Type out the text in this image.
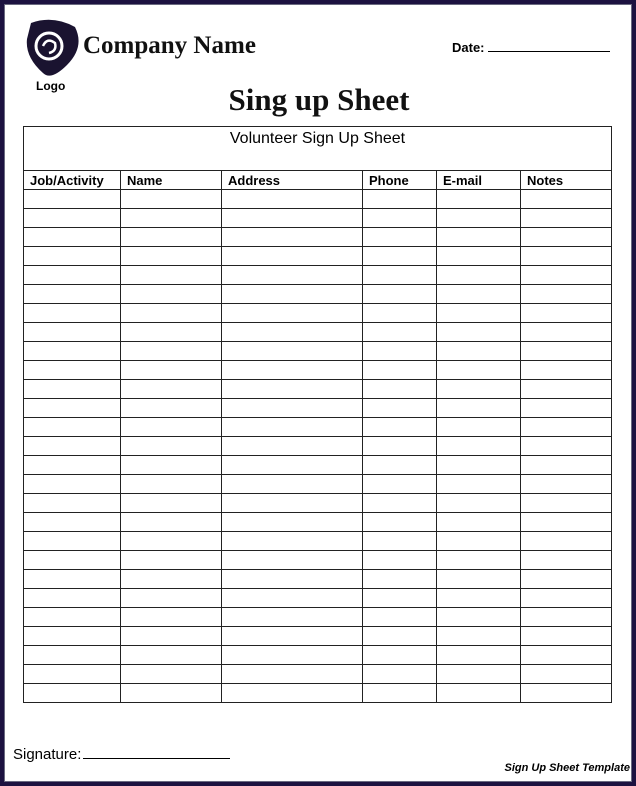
Logo
Company Name	Date:
Sing up Sheet
Volunteer Sign Up Sheet					
Job/Activity	Name	Address	Phone	E-mail	Notes

Signature:
Sign Up Sheet Template
